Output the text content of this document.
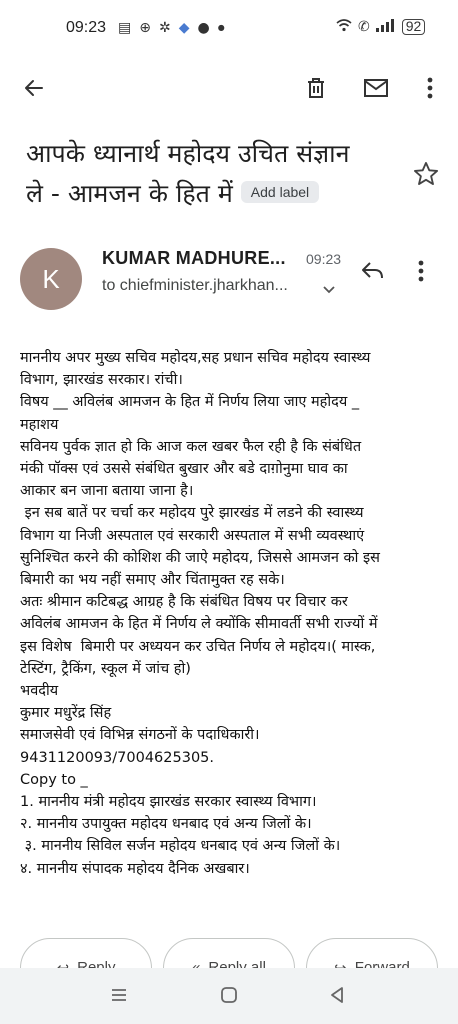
09:23 ▤ ⊕ ✲ ◆ ● ●	✆	92
आपके ध्यानार्थ महोदय उचित संज्ञान
ले - आमजन के हित में Add label
K
KUMAR MADHURE... 09:23
to chiefminister.jharkhan...
माननीय अपर मुख्य सचिव महोदय,सह प्रधान सचिव महोदय स्वास्थ्य
विभाग, झारखंड सरकार। रांची।
विषय __ अविलंब आमजन के हित में निर्णय लिया जाए महोदय _
महाशय
सविनय पुर्वक ज्ञात हो कि आज कल खबर फैल रही है कि संबंधित
मंकी पॉक्स एवं उससे संबंधित बुखार और बडे दाग़ोनुमा घाव का
आकार बन जाना बताया जाना है।
इन सब बातें पर चर्चा कर महोदय पुरे झारखंड में लडने की स्वास्थ्य
विभाग या निजी अस्पताल एवं सरकारी अस्पताल में सभी व्यवस्थाएं
सुनिश्चित करने की कोशिश की जाऐ महोदय, जिससे आमजन को इस
बिमारी का भय नहीं समाए और चिंतामुक्त रह सके।
अतः श्रीमान कटिबद्ध आग्रह है कि संबंधित विषय पर विचार कर
अविलंब आमजन के हित में निर्णय ले क्योंकि सीमावर्ती सभी राज्यों में
इस विशेष  बिमारी पर अध्ययन कर उचित निर्णय ले महोदय।( मास्क,
टेस्टिंग, ट्रैकिंग, स्कूल में जांच हो)
भवदीय
कुमार मधुरेंद्र सिंह
समाजसेवी एवं विभिन्न संगठनों के पदाधिकारी।
9431120093/7004625305.
Copy to _
1. माननीय मंत्री महोदय झारखंड सरकार स्वास्थ्य विभाग।
२. माननीय उपायुक्त महोदय धनबाद एवं अन्य जिलों के।
३. माननीय सिविल सर्जन महोदय धनबाद एवं अन्य जिलों के।
४. माननीय संपादक महोदय दैनिक अखबार।
